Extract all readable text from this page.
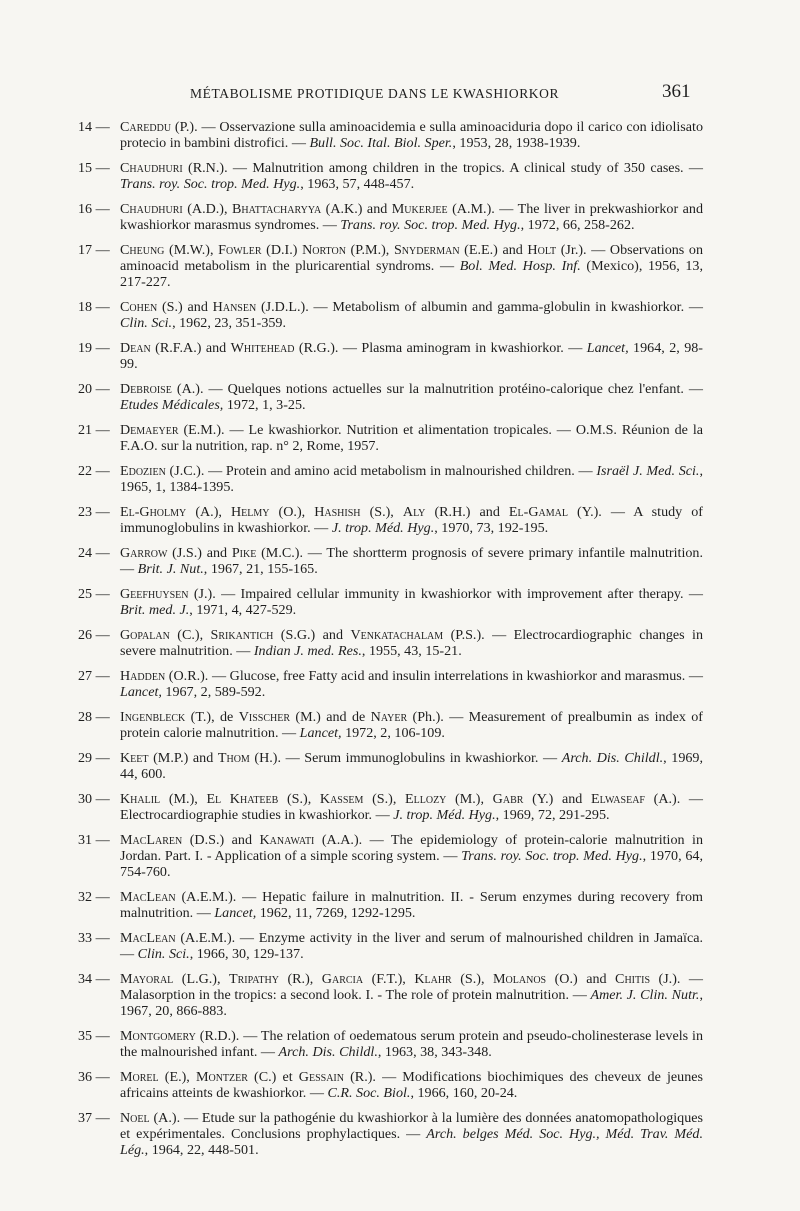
MÉTABOLISME PROTIDIQUE DANS LE KWASHIORKOR	361
14 — Careddu (P.). — Osservazione sulla aminoacidemia e sulla aminoaciduria dopo il carico con idiolisato protecio in bambini distrofici. — Bull. Soc. Ital. Biol. Sper., 1953, 28, 1938-1939.
15 — Chaudhuri (R.N.). — Malnutrition among children in the tropics. A clinical study of 350 cases. — Trans. roy. Soc. trop. Med. Hyg., 1963, 57, 448-457.
16 — Chaudhuri (A.D.), Bhattacharyya (A.K.) and Mukerjee (A.M.). — The liver in prekwashiorkor and kwashiorkor marasmus syndromes. — Trans. roy. Soc. trop. Med. Hyg., 1972, 66, 258-262.
17 — Cheung (M.W.), Fowler (D.I.) Norton (P.M.), Snyderman (E.E.) and Holt (Jr.). — Observations on aminoacid metabolism in the pluricarential syndroms. — Bol. Med. Hosp. Inf. (Mexico), 1956, 13, 217-227.
18 — Cohen (S.) and Hansen (J.D.L.). — Metabolism of albumin and gamma-globulin in kwashiorkor. — Clin. Sci., 1962, 23, 351-359.
19 — Dean (R.F.A.) and Whitehead (R.G.). — Plasma aminogram in kwashiorkor. — Lancet, 1964, 2, 98-99.
20 — Debroise (A.). — Quelques notions actuelles sur la malnutrition protéino-calorique chez l'enfant. — Etudes Médicales, 1972, 1, 3-25.
21 — Demaeyer (E.M.). — Le kwashiorkor. Nutrition et alimentation tropicales. — O.M.S. Réunion de la F.A.O. sur la nutrition, rap. n° 2, Rome, 1957.
22 — Edozien (J.C.). — Protein and amino acid metabolism in malnourished children. — Israël J. Med. Sci., 1965, 1, 1384-1395.
23 — El-Gholmy (A.), Helmy (O.), Hashish (S.), Aly (R.H.) and El-Gamal (Y.). — A study of immunoglobulins in kwashiorkor. — J. trop. Méd. Hyg., 1970, 73, 192-195.
24 — Garrow (J.S.) and Pike (M.C.). — The shortterm prognosis of severe primary infantile malnutrition. — Brit. J. Nut., 1967, 21, 155-165.
25 — Geefhuysen (J.). — Impaired cellular immunity in kwashiorkor with improvement after therapy. — Brit. med. J., 1971, 4, 427-529.
26 — Gopalan (C.), Srikantich (S.G.) and Venkatachalam (P.S.). — Electrocardiographic changes in severe malnutrition. — Indian J. med. Res., 1955, 43, 15-21.
27 — Hadden (O.R.). — Glucose, free Fatty acid and insulin interrelations in kwashiorkor and marasmus. — Lancet, 1967, 2, 589-592.
28 — Ingenbleck (T.), de Visscher (M.) and de Nayer (Ph.). — Measurement of prealbumin as index of protein calorie malnutrition. — Lancet, 1972, 2, 106-109.
29 — Keet (M.P.) and Thom (H.). — Serum immunoglobulins in kwashiorkor. — Arch. Dis. Childl., 1969, 44, 600.
30 — Khalil (M.), El Khateeb (S.), Kassem (S.), Ellozy (M.), Gabr (Y.) and Elwaseaf (A.). — Electrocardiographie studies in kwashiorkor. — J. trop. Méd. Hyg., 1969, 72, 291-295.
31 — MacLaren (D.S.) and Kanawati (A.A.). — The epidemiology of protein-calorie malnutrition in Jordan. Part. I. - Application of a simple scoring system. — Trans. roy. Soc. trop. Med. Hyg., 1970, 64, 754-760.
32 — MacLean (A.E.M.). — Hepatic failure in malnutrition. II. - Serum enzymes during recovery from malnutrition. — Lancet, 1962, 11, 7269, 1292-1295.
33 — MacLean (A.E.M.). — Enzyme activity in the liver and serum of malnourished children in Jamaïca. — Clin. Sci., 1966, 30, 129-137.
34 — Mayoral (L.G.), Tripathy (R.), Garcia (F.T.), Klahr (S.), Molanos (O.) and Chitis (J.). — Malasorption in the tropics: a second look. I. - The role of protein malnutrition. — Amer. J. Clin. Nutr., 1967, 20, 866-883.
35 — Montgomery (R.D.). — The relation of oedematous serum protein and pseudo-cholinesterase levels in the malnourished infant. — Arch. Dis. Childl., 1963, 38, 343-348.
36 — Morel (E.), Montzer (C.) et Gessain (R.). — Modifications biochimiques des cheveux de jeunes africains atteints de kwashiorkor. — C.R. Soc. Biol., 1966, 160, 20-24.
37 — Noel (A.). — Etude sur la pathogénie du kwashiorkor à la lumière des données anatomopathologiques et expérimentales. Conclusions prophylactiques. — Arch. belges Méd. Soc. Hyg., Méd. Trav. Méd. Lég., 1964, 22, 448-501.
